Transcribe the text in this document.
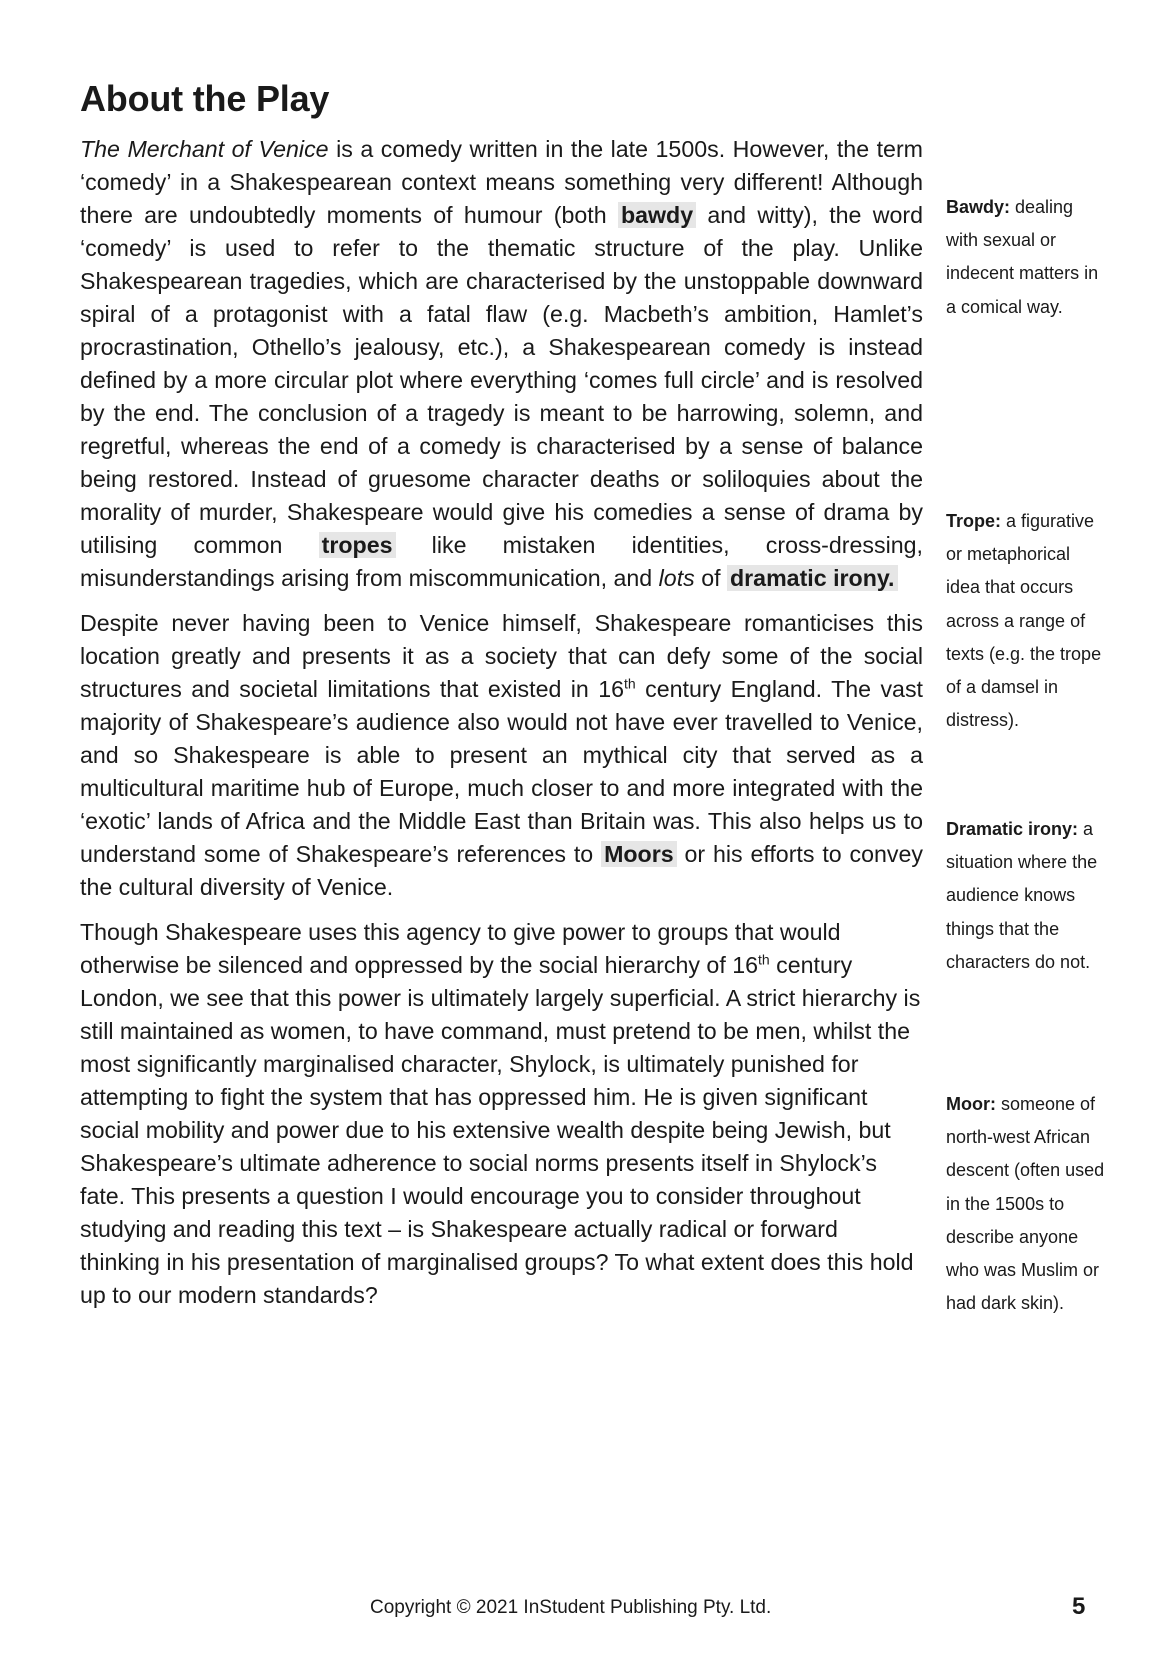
About the Play

The Merchant of Venice is a comedy written in the late 1500s. However, the term ‘comedy’ in a Shakespearean context means something very different! Although there are undoubtedly moments of humour (both bawdy and witty), the word ‘comedy’ is used to refer to the thematic structure of the play. Unlike Shakespearean tragedies, which are characterised by the unstoppable downward spiral of a protagonist with a fatal flaw (e.g. Macbeth’s ambition, Hamlet’s procrastination, Othello’s jealousy, etc.), a Shakespearean comedy is instead defined by a more circular plot where everything ‘comes full circle’ and is resolved by the end. The conclusion of a tragedy is meant to be harrowing, solemn, and regretful, whereas the end of a comedy is characterised by a sense of balance being restored. Instead of gruesome character deaths or soliloquies about the morality of murder, Shakespeare would give his comedies a sense of drama by utilising common tropes like mistaken identities, cross-dressing, misunderstandings arising from miscommunication, and lots of dramatic irony.

Despite never having been to Venice himself, Shakespeare romanticises this location greatly and presents it as a society that can defy some of the social structures and societal limitations that existed in 16th century England. The vast majority of Shakespeare’s audience also would not have ever travelled to Venice, and so Shakespeare is able to present an mythical city that served as a multicultural maritime hub of Europe, much closer to and more integrated with the ‘exotic’ lands of Africa and the Middle East than Britain was. This also helps us to understand some of Shakespeare’s references to Moors or his efforts to convey the cultural diversity of Venice.

Though Shakespeare uses this agency to give power to groups that would otherwise be silenced and oppressed by the social hierarchy of 16th century London, we see that this power is ultimately largely superficial. A strict hierarchy is still maintained as women, to have command, must pretend to be men, whilst the most significantly marginalised character, Shylock, is ultimately punished for attempting to fight the system that has oppressed him. He is given significant social mobility and power due to his extensive wealth despite being Jewish, but Shakespeare’s ultimate adherence to social norms presents itself in Shylock’s fate. This presents a question I would encourage you to consider throughout studying and reading this text – is Shakespeare actually radical or forward thinking in his presentation of marginalised groups? To what extent does this hold up to our modern standards?

Bawdy: dealing with sexual or indecent matters in a comical way.
Trope: a figurative or metaphorical idea that occurs across a range of texts (e.g. the trope of a damsel in distress).
Dramatic irony: a situation where the audience knows things that the characters do not.
Moor: someone of north-west African descent (often used in the 1500s to describe anyone who was Muslim or had dark skin).
Copyright © 2021 InStudent Publishing Pty. Ltd.	5
